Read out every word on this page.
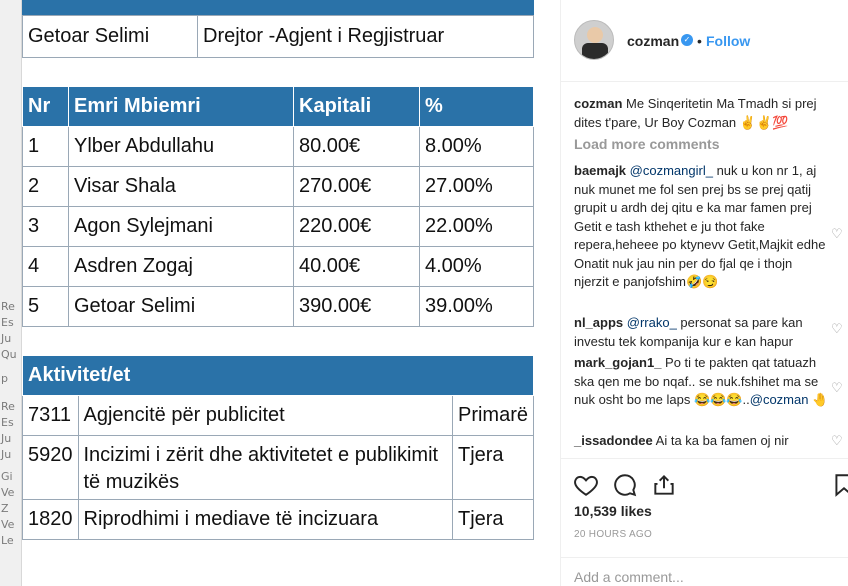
Re
Es
Ju
Qu
p
Re
Es
Ju
Ju
Gi
Ve
Z
Ve
Le
Getoar Selimi	Drejtor -Agjent i Regjistruar
Nr	Emri Mbiemri	Kapitali	%
1	Ylber Abdullahu	80.00€	8.00%
2	Visar Shala	270.00€	27.00%
3	Agon Sylejmani	220.00€	22.00%
4	Asdren Zogaj	40.00€	4.00%
5	Getoar Selimi	390.00€	39.00%
Aktivitet/et		
7311	Agjencitë për publicitet	Primarë
5920	Incizimi i zërit dhe aktivitetet e publikimit të muzikës	Tjera
1820	Riprodhimi i mediave të incizuara	Tjera
cozman ✓ • Follow
cozman Me Sinqeritetin Ma Tmadh si prej dites t'pare, Ur Boy Cozman ✌✌💯
Load more comments
baemajk @cozmangirl_ nuk u kon nr 1, aj nuk munet me fol sen prej bs se prej qatij grupit u ardh dej qitu e ka mar famen prej Getit e tash kthehet e ju thot fake repera,heheee po ktynevv Getit,Majkit edhe Onatit nuk jau nin per do fjal qe i thojn njerzit e panjofshim🤣😏
♡
nl_apps @rrako_ personat sa pare kan investu tek kompanija kur e kan hapur
♡
mark_gojan1_ Po ti te pakten qat tatuazh ska qen me bo nqaf.. se nuk.fshihet ma se nuk osht bo me laps 😂😂😂..@cozman 🤚
♡
_issadondee Ai ta ka ba famen oj nir	♡
10,539 likes
20 HOURS AGO
Add a comment...
